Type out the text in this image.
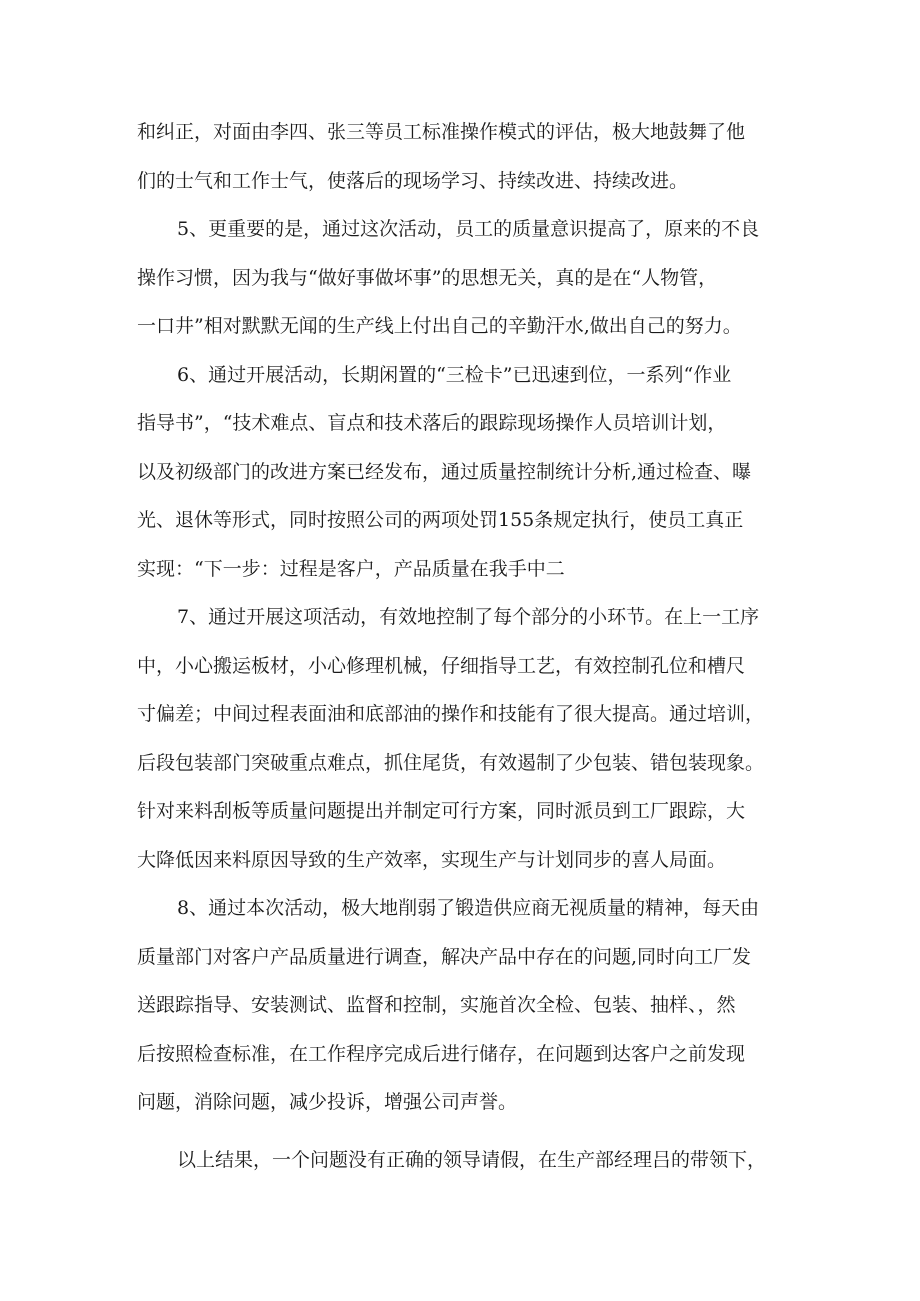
和纠正，对面由李四、张三等员工标准操作模式的评估，极大地鼓舞了他
们的士气和工作士气，使落后的现场学习、持续改进、持续改进。
5、更重要的是，通过这次活动，员工的质量意识提高了，原来的不良
操作习惯，因为我与“做好事做坏事”的思想无关，真的是在“人物管，
一口井”相对默默无闻的生产线上付出自己的辛勤汗水,做出自己的努力。
6、通过开展活动，长期闲置的“三检卡”已迅速到位，一系列“作业
指导书”，“技术难点、盲点和技术落后的跟踪现场操作人员培训计划，
以及初级部门的改进方案已经发布，通过质量控制统计分析,通过检查、曝
光、退休等形式，同时按照公司的两项处罚155条规定执行，使员工真正
实现：“下一步：过程是客户，产品质量在我手中二
7、通过开展这项活动，有效地控制了每个部分的小环节。在上一工序
中，小心搬运板材，小心修理机械，仔细指导工艺，有效控制孔位和槽尺
寸偏差；中间过程表面油和底部油的操作和技能有了很大提高。通过培训，
后段包装部门突破重点难点，抓住尾货，有效遏制了少包装、错包装现象。
针对来料刮板等质量问题提出并制定可行方案，同时派员到工厂跟踪，大
大降低因来料原因导致的生产效率，实现生产与计划同步的喜人局面。
8、通过本次活动，极大地削弱了锻造供应商无视质量的精神，每天由
质量部门对客户产品质量进行调查，解决产品中存在的问题,同时向工厂发
送跟踪指导、安装测试、监督和控制，实施首次全检、包装、抽样、，然
后按照检查标准，在工作程序完成后进行储存，在问题到达客户之前发现
问题，消除问题，减少投诉，增强公司声誉。
以上结果，一个问题没有正确的领导请假，在生产部经理吕的带领下，
